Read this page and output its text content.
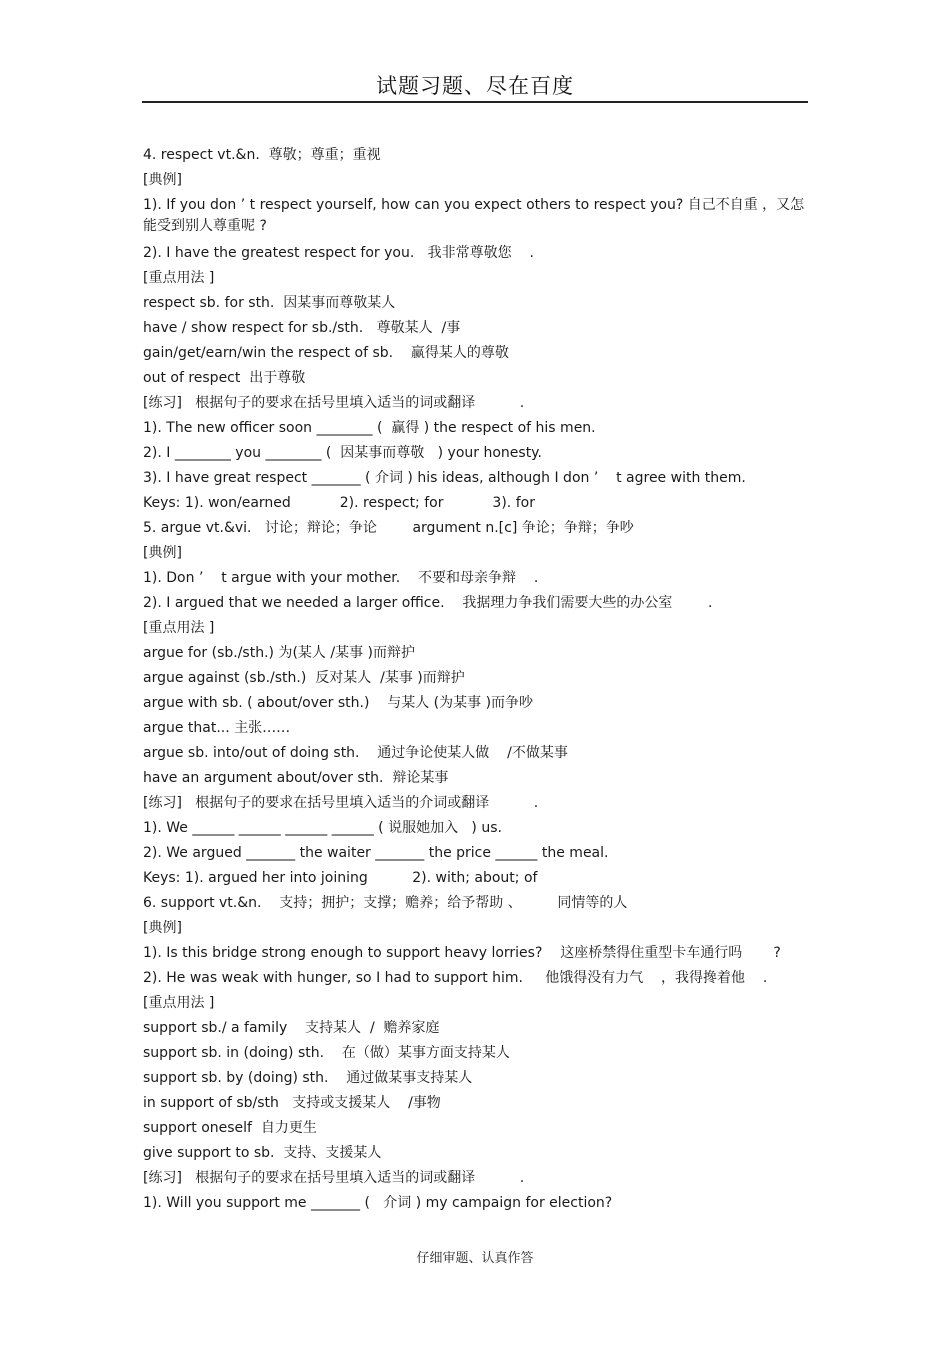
试题习题、尽在百度
4. respect vt.&n.  尊敬；尊重；重视
[典例]
1). If you don ’ t respect yourself, how can you expect others to respect you? 自己不自重 ，又怎能受到别人尊重呢 ?
2). I have the greatest respect for you.   我非常尊敬您    .
[重点用法 ]
respect sb. for sth.  因某事而尊敬某人
have / show respect for sb./sth.   尊敬某人  /事
gain/get/earn/win the respect of sb.    赢得某人的尊敬
out of respect  出于尊敬
[练习]   根据句子的要求在括号里填入适当的词或翻译          .
1). The new officer soon ________ (  赢得 ) the respect of his men.
2). I ________ you ________ (  因某事而尊敬   ) your honesty.
3). I have great respect _______ ( 介词 ) his ideas, although I don ’    t agree with them.
Keys: 1). won/earned           2). respect; for           3). for
5. argue vt.&vi.   讨论；辩论；争论        argument n.[c] 争论；争辩；争吵
[典例]
1). Don ’    t argue with your mother.    不要和母亲争辩    .
2). I argued that we needed a larger office.    我据理力争我们需要大些的办公室        .
[重点用法 ]
argue for (sb./sth.) 为(某人 /某事 )而辩护
argue against (sb./sth.)  反对某人  /某事 )而辩护
argue with sb. ( about/over sth.)    与某人 (为某事 )而争吵
argue that... 主张……
argue sb. into/out of doing sth.    通过争论使某人做    /不做某事
have an argument about/over sth.  辩论某事
[练习]   根据句子的要求在括号里填入适当的介词或翻译          .
1). We ______ ______ ______ ______ ( 说服她加入   ) us.
2). We argued _______ the waiter _______ the price ______ the meal.
Keys: 1). argued her into joining          2). with; about; of
6. support vt.&n.    支持；拥护；支撑；赡养；给予帮助 、        同情等的人
[典例]
1). Is this bridge strong enough to support heavy lorries?    这座桥禁得住重型卡车通行吗       ?
2). He was weak with hunger, so I had to support him.     他饿得没有力气    ，我得搀着他    .
[重点用法 ]
support sb./ a family    支持某人  /  赡养家庭
support sb. in (doing) sth.    在（做）某事方面支持某人
support sb. by (doing) sth.    通过做某事支持某人
in support of sb/sth   支持或支援某人    /事物
support oneself  自力更生
give support to sb.  支持、支援某人
[练习]   根据句子的要求在括号里填入适当的词或翻译          .
1). Will you support me _______ (   介词 ) my campaign for election?
仔细审题、认真作答
